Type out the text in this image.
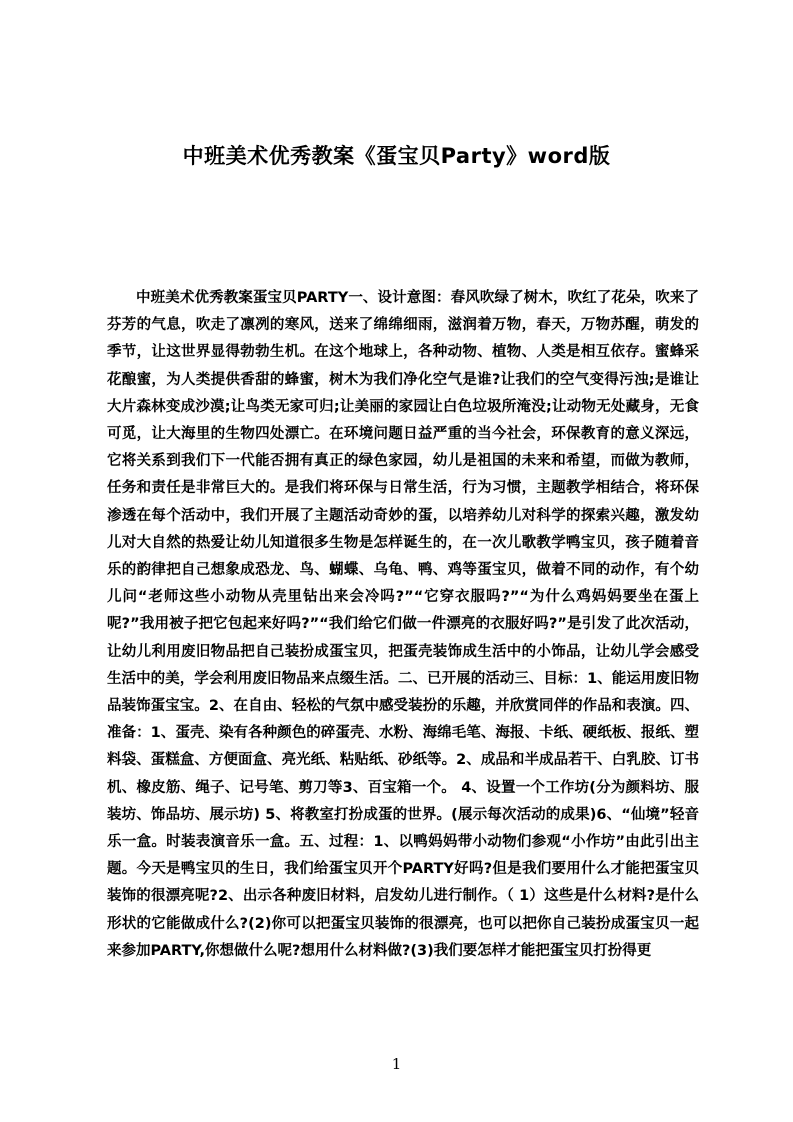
中班美术优秀教案《蛋宝贝Party》word版
中班美术优秀教案蛋宝贝PARTY一、设计意图：春风吹绿了树木，吹红了花朵，吹来了芬芳的气息，吹走了凛冽的寒风，送来了绵绵细雨，滋润着万物，春天，万物苏醒，萌发的季节，让这世界显得勃勃生机。在这个地球上，各种动物、植物、人类是相互依存。蜜蜂采花酿蜜，为人类提供香甜的蜂蜜，树木为我们净化空气是谁?让我们的空气变得污浊;是谁让大片森林变成沙漠;让鸟类无家可归;让美丽的家园让白色垃圾所淹没;让动物无处藏身，无食可觅，让大海里的生物四处漂亡。在环境问题日益严重的当今社会，环保教育的意义深远，它将关系到我们下一代能否拥有真正的绿色家园，幼儿是祖国的未来和希望，而做为教师，任务和责任是非常巨大的。是我们将环保与日常生活，行为习惯，主题教学相结合，将环保渗透在每个活动中，我们开展了主题活动奇妙的蛋，以培养幼儿对科学的探索兴趣，激发幼儿对大自然的热爱让幼儿知道很多生物是怎样诞生的，在一次儿歌教学鸭宝贝，孩子随着音乐的韵律把自己想象成恐龙、鸟、蝴蝶、乌龟、鸭、鸡等蛋宝贝，做着不同的动作，有个幼儿问“老师这些小动物从壳里钻出来会冷吗?”“它穿衣服吗?”“为什么鸡妈妈要坐在蛋上呢?”我用被子把它包起来好吗?”“我们给它们做一件漂亮的衣服好吗?”是引发了此次活动，让幼儿利用废旧物品把自己装扮成蛋宝贝，把蛋壳装饰成生活中的小饰品，让幼儿学会感受生活中的美，学会利用废旧物品来点缀生活。二、已开展的活动三、目标：1、能运用废旧物品装饰蛋宝宝。2、在自由、轻松的气氛中感受装扮的乐趣，并欣赏同伴的作品和表演。四、准备：1、蛋壳、染有各种颜色的碎蛋壳、水粉、海绵毛笔、海报、卡纸、硬纸板、报纸、塑料袋、蛋糕盒、方便面盒、亮光纸、粘贴纸、砂纸等。2、成品和半成品若干、白乳胶、订书机、橡皮筋、绳子、记号笔、剪刀等3、百宝箱一个。 4、设置一个工作坊(分为颜料坊、服装坊、饰品坊、展示坊) 5、将教室打扮成蛋的世界。(展示每次活动的成果)6、“仙境”轻音乐一盒。时装表演音乐一盒。五、过程：1、以鸭妈妈带小动物们参观“小作坊”由此引出主题。今天是鸭宝贝的生日，我们给蛋宝贝开个PARTY好吗?但是我们要用什么才能把蛋宝贝装饰的很漂亮呢?2、出示各种废旧材料，启发幼儿进行制作。（ 1）这些是什么材料?是什么形状的它能做成什么?(2)你可以把蛋宝贝装饰的很漂亮，也可以把你自己装扮成蛋宝贝一起来参加PARTY,你想做什么呢?想用什么材料做?(3)我们要怎样才能把蛋宝贝打扮得更
1
